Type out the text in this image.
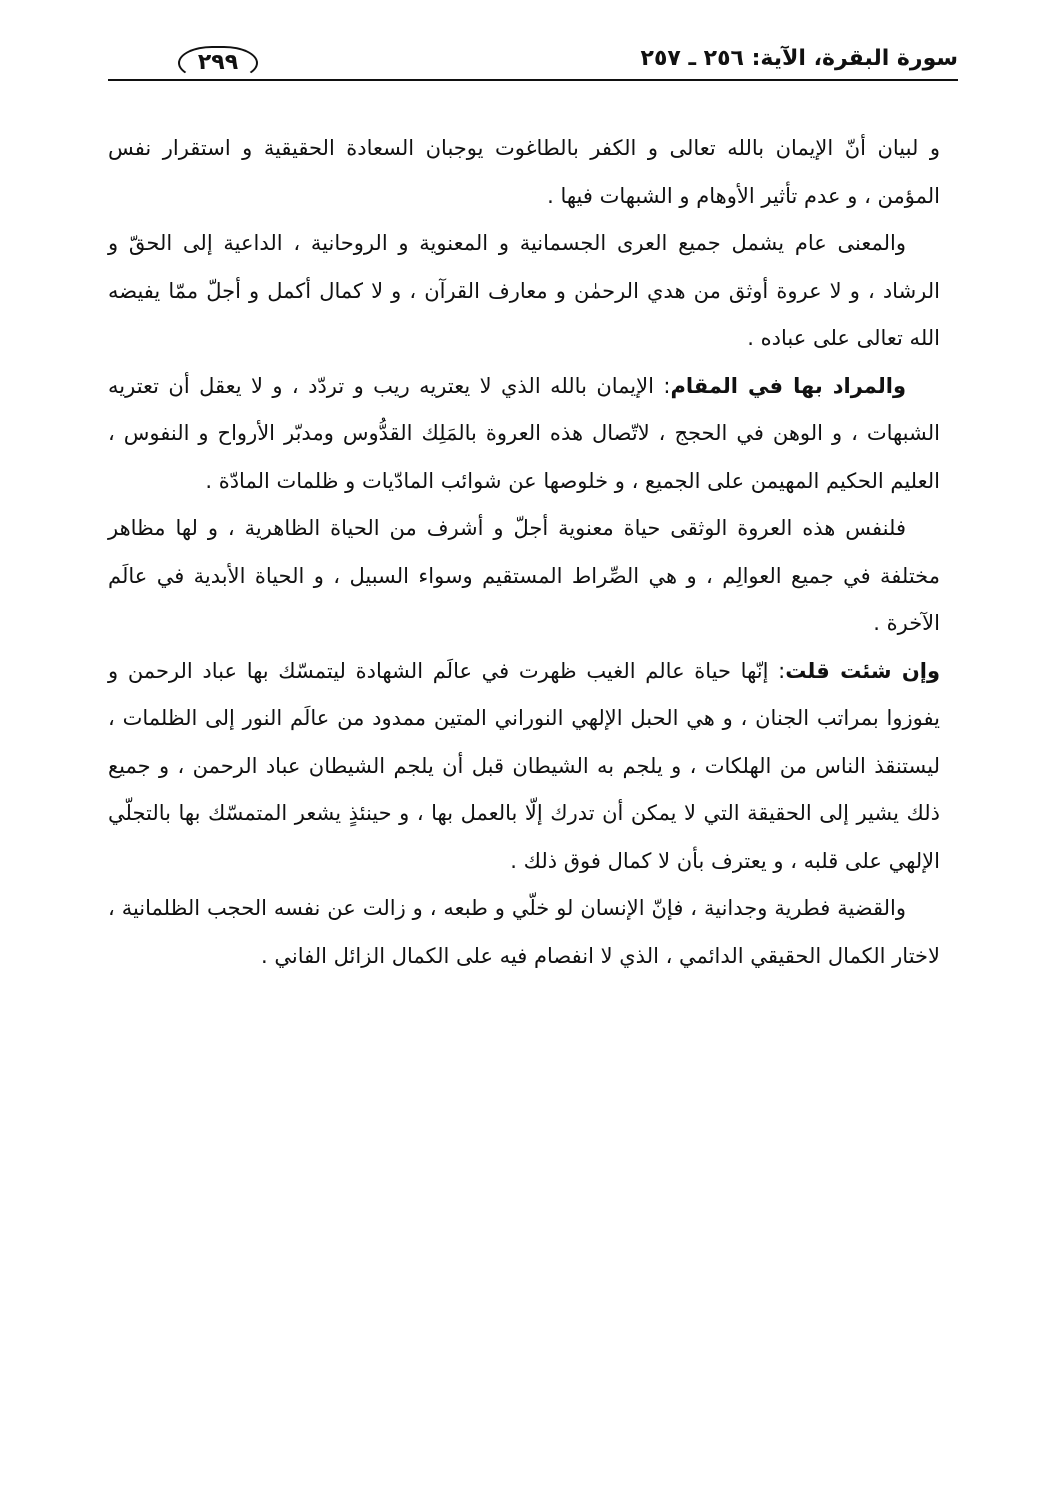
سورة البقرة، الآية: ٢٥٦ ـ ٢٥٧
٢٩٩

و لبيان أنّ الإيمان بالله تعالى و الكفر بالطاغوت يوجبان السعادة الحقيقية و استقرار نفس المؤمن ، و عدم تأثير الأوهام و الشبهات فيها .

والمعنى عام يشمل جميع العرى الجسمانية و المعنوية و الروحانية ، الداعية إلى الحقّ و الرشاد ، و لا عروة أوثق من هدي الرحمٰن و معارف القرآن ، و لا كمال أكمل و أجلّ ممّا يفيضه الله تعالى على عباده .

والمراد بها في المقام: الإيمان بالله الذي لا يعتريه ريب و تردّد ، و لا يعقل أن تعتريه الشبهات ، و الوهن في الحجج ، لاتّصال هذه العروة بالمَلِك القدُّوس ومدبّر الأرواح و النفوس ، العليم الحكيم المهيمن على الجميع ، و خلوصها عن شوائب المادّيات و ظلمات المادّة .

فلنفس هذه العروة الوثقى حياة معنوية أجلّ و أشرف من الحياة الظاهرية ، و لها مظاهر مختلفة في جميع العوالِم ، و هي الصِّراط المستقيم وسواء السبيل ، و الحياة الأبدية في عالَم الآخرة .

وإن شئت قلت: إنّها حياة عالم الغيب ظهرت في عالَم الشهادة ليتمسّك بها عباد الرحمن و يفوزوا بمراتب الجنان ، و هي الحبل الإلهي النوراني المتين ممدود من عالَم النور إلى الظلمات ، ليستنقذ الناس من الهلكات ، و يلجم به الشيطان قبل أن يلجم الشيطان عباد الرحمن ، و جميع ذلك يشير إلى الحقيقة التي لا يمكن أن تدرك إلّا بالعمل بها ، و حينئذٍ يشعر المتمسّك بها بالتجلّي الإلهي على قلبه ، و يعترف بأن لا كمال فوق ذلك .

والقضية فطرية وجدانية ، فإنّ الإنسان لو خلّي و طبعه ، و زالت عن نفسه الحجب الظلمانية ، لاختار الكمال الحقيقي الدائمي ، الذي لا انفصام فيه على الكمال الزائل الفاني .
